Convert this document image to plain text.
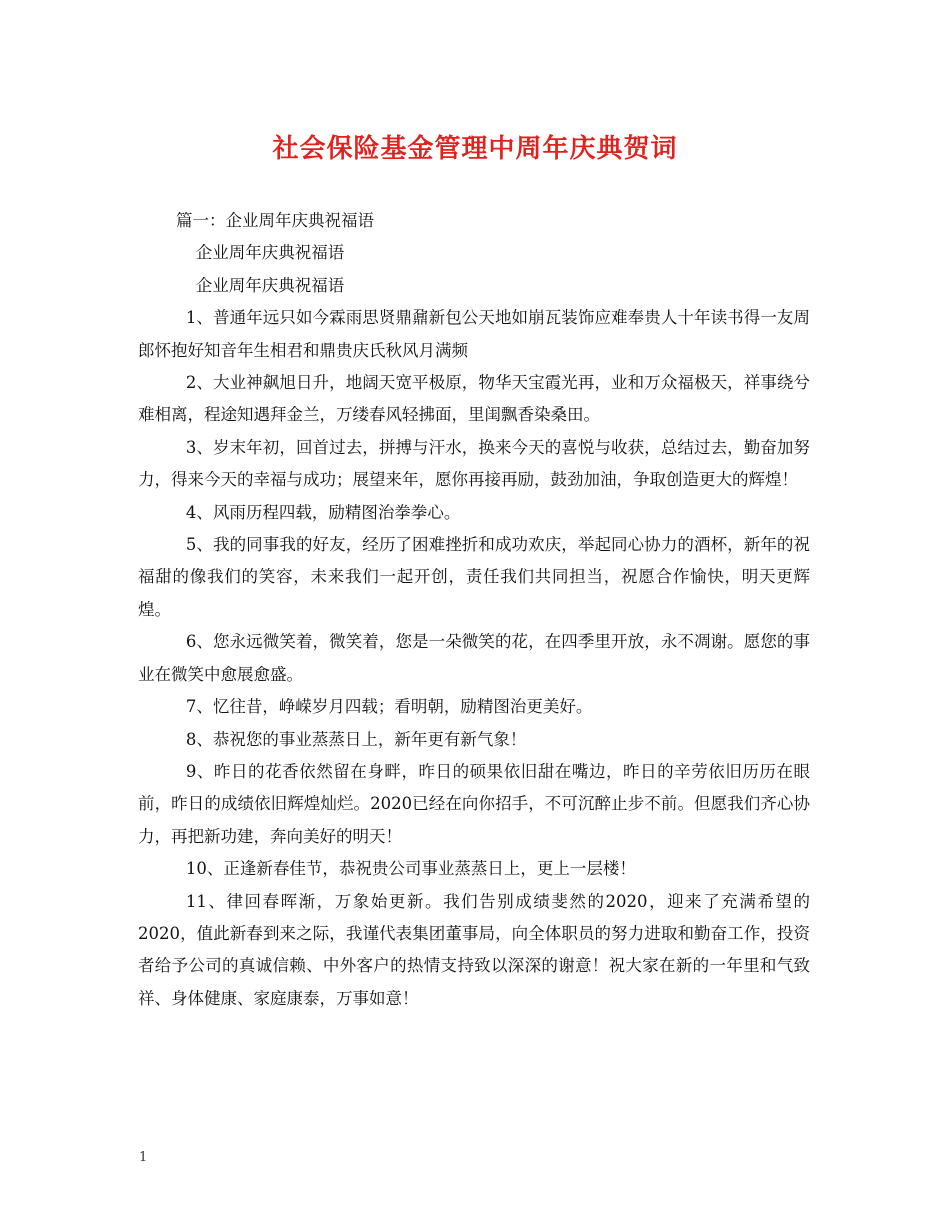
社会保险基金管理中周年庆典贺词

篇一：企业周年庆典祝福语

企业周年庆典祝福语

企业周年庆典祝福语

1、普通年远只如今霖雨思贤鼎鼐新包公天地如崩瓦装饰应难奉贵人十年读书得一友周郎怀抱好知音年生相君和鼎贵庆氏秋风月满频

2、大业神飙旭日升，地阔天宽平极原，物华天宝霞光再，业和万众福极天，祥事绕兮难相离，程途知遇拜金兰，万缕春风轻拂面，里闺飘香染桑田。

3、岁末年初，回首过去，拼搏与汗水，换来今天的喜悦与收获，总结过去，勤奋加努力，得来今天的幸福与成功；展望来年，愿你再接再励，鼓劲加油，争取创造更大的辉煌！

4、风雨历程四载，励精图治拳拳心。

5、我的同事我的好友，经历了困难挫折和成功欢庆，举起同心协力的酒杯，新年的祝福甜的像我们的笑容，未来我们一起开创，责任我们共同担当，祝愿合作愉快，明天更辉煌。

6、您永远微笑着，微笑着，您是一朵微笑的花，在四季里开放，永不凋谢。愿您的事业在微笑中愈展愈盛。

7、忆往昔，峥嵘岁月四载；看明朝，励精图治更美好。

8、恭祝您的事业蒸蒸日上，新年更有新气象！

9、昨日的花香依然留在身畔，昨日的硕果依旧甜在嘴边，昨日的辛劳依旧历历在眼前，昨日的成绩依旧辉煌灿烂。2020已经在向你招手，不可沉醉止步不前。但愿我们齐心协力，再把新功建，奔向美好的明天！

10、正逢新春佳节，恭祝贵公司事业蒸蒸日上，更上一层楼！

11、律回春晖渐，万象始更新。我们告别成绩斐然的2020，迎来了充满希望的2020，值此新春到来之际，我谨代表集团董事局，向全体职员的努力进取和勤奋工作，投资者给予公司的真诚信赖、中外客户的热情支持致以深深的谢意！祝大家在新的一年里和气致祥、身体健康、家庭康泰，万事如意！

1
